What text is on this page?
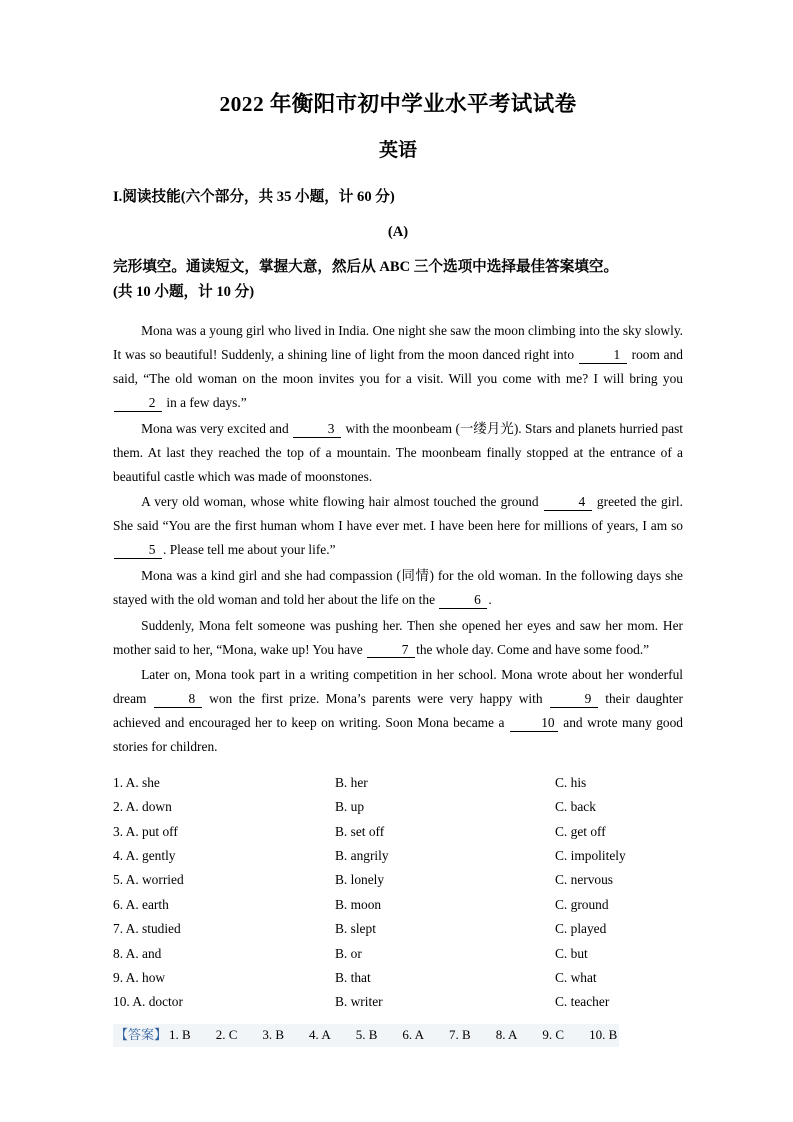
2022 年衡阳市初中学业水平考试试卷
英语
I.阅读技能(六个部分，共 35 小题，计 60 分)
(A)
完形填空。通读短文，掌握大意，然后从 ABC 三个选项中选择最佳答案填空。
(共 10 小题，计 10 分)

Mona was a young girl who lived in India. One night she saw the moon climbing into the sky slowly. It was so beautiful! Suddenly, a shining line of light from the moon danced right into	1 room and said, “The old woman on the moon invites you for a visit. Will you come with me? I will bring you 2 in a few days.”

Mona was very excited and	3 with the moonbeam (一缕月光). Stars and planets hurried past them. At last they reached the top of a mountain. The moonbeam finally stopped at the entrance of a beautiful castle which was made of moonstones.

A very old woman, whose white flowing hair almost touched the ground	4 greeted the girl. She said “You are the first human whom I have ever met. I have been here for millions of years, I am so 5 . Please tell me about your life.”

Mona was a kind girl and she had compassion (同情) for the old woman. In the following days she stayed with the old woman and told her about the life on the	6 .

Suddenly, Mona felt someone was pushing her. Then she opened her eyes and saw her mom. Her mother said to her, “Mona, wake up! You have	7 the whole day. Come and have some food.”

Later on, Mona took part in a writing competition in her school. Mona wrote about her wonderful dream	8 won the first prize. Mona’s parents were very happy with	9 their daughter achieved and encouraged her to keep on writing. Soon Mona became a 10 and wrote many good stories for children.

1. A. she	B. her	C. his
2. A. down	B. up	C. back
3. A. put off	B. set off	C. get off
4. A. gently	B. angrily	C. impolitely
5. A. worried	B. lonely	C. nervous
6. A. earth	B. moon	C. ground
7. A. studied	B. slept	C. played
8. A. and	B. or	C. but
9. A. how	B. that	C. what
10. A. doctor	B. writer	C. teacher
【答案】 1. B 2. C 3. B 4. A 5. B 6. A 7. B 8. A 9. C 10. B
